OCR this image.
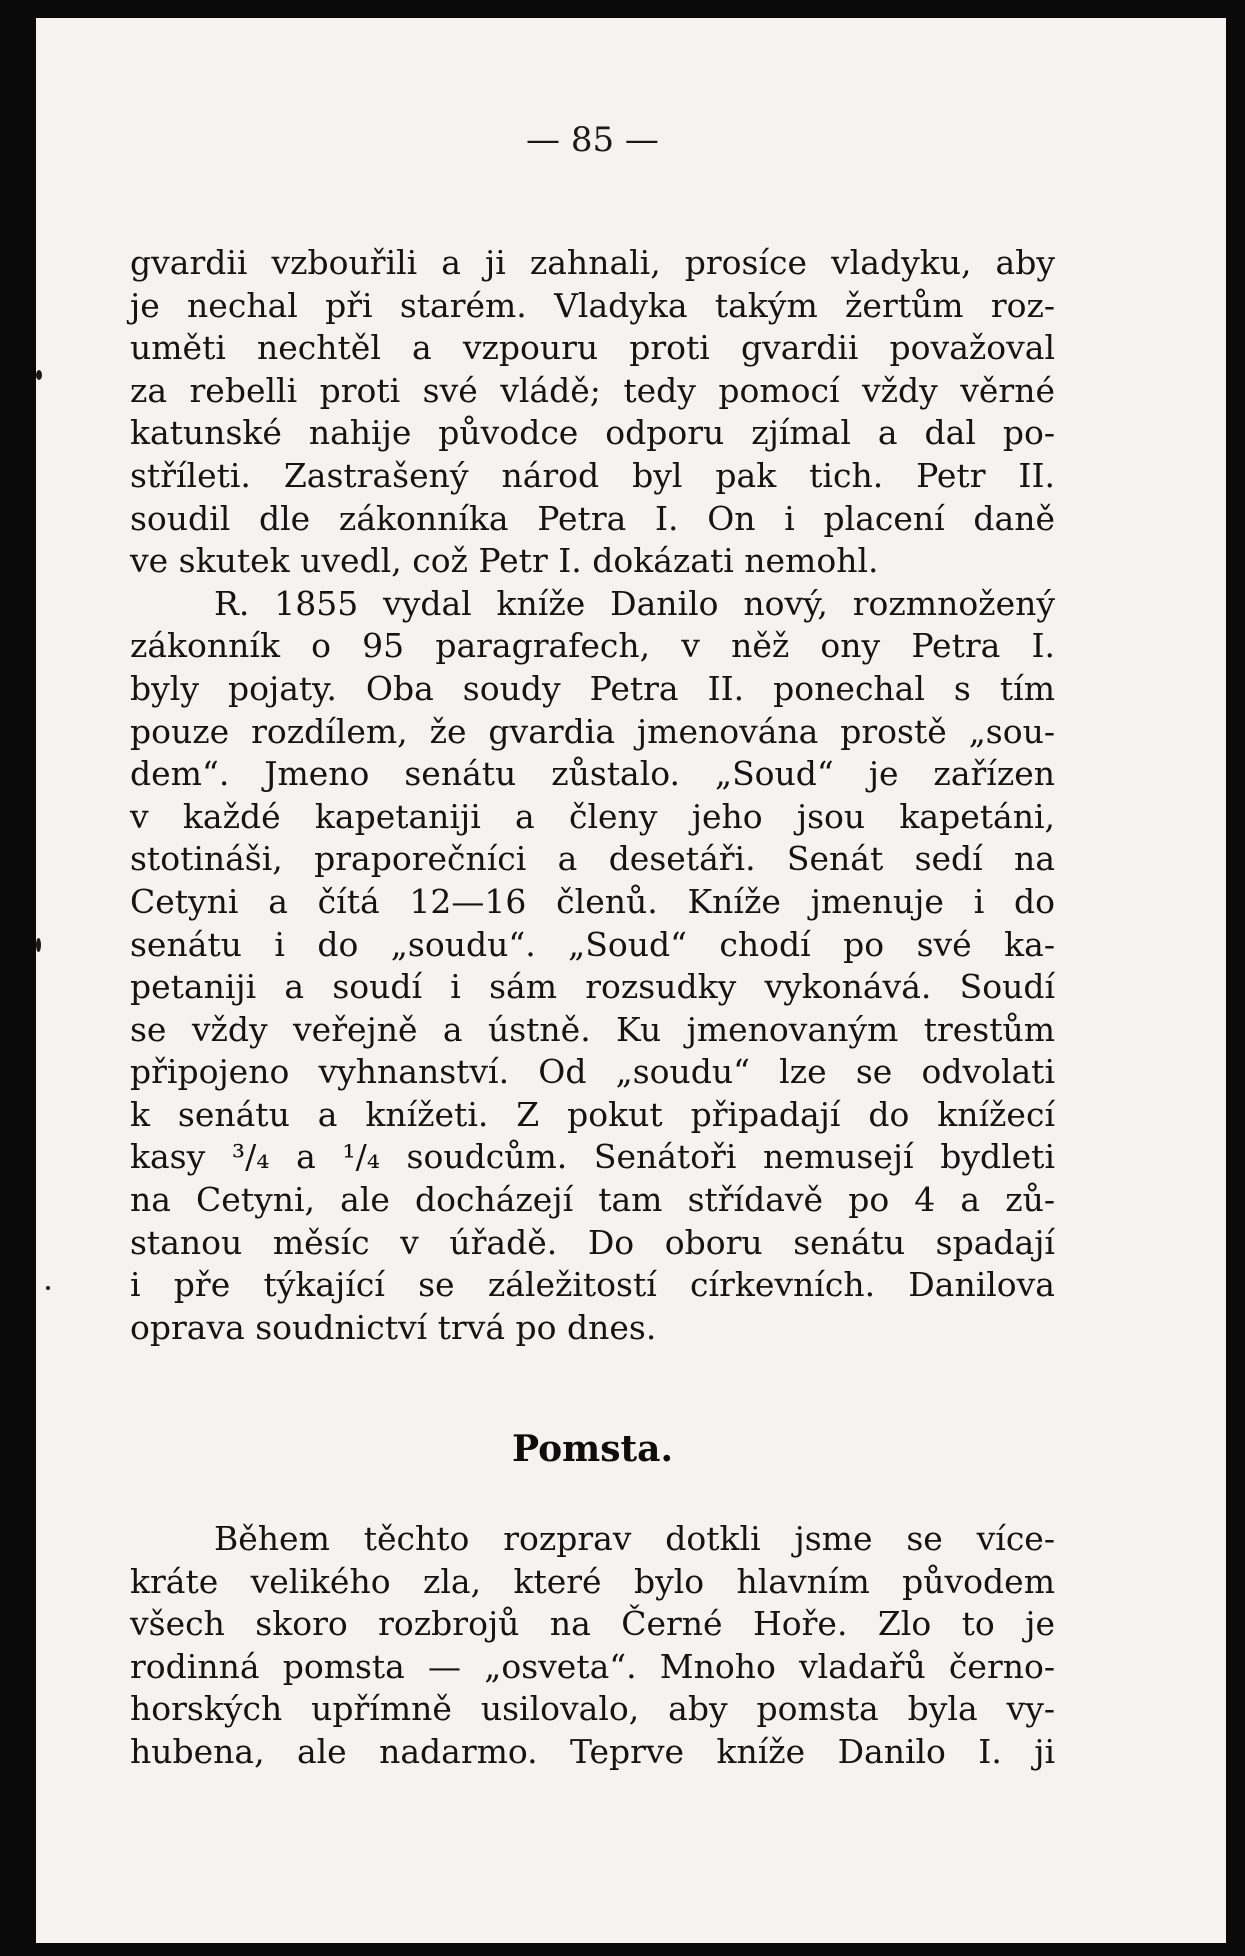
— 85 —
gvardii vzbouřili a ji zahnali, prosíce vladyku, aby
je nechal při starém. Vladyka takým žertům roz-
uměti nechtěl a vzpouru proti gvardii považoval
za rebelli proti své vládě; tedy pomocí vždy věrné
katunské nahije původce odporu zjímal a dal po-
stříleti. Zastrašený národ byl pak tich. Petr II.
soudil dle zákonníka Petra I. On i placení daně
ve skutek uvedl, což Petr I. dokázati nemohl.
R. 1855 vydal kníže Danilo nový, rozmnožený
zákonník o 95 paragrafech, v něž ony Petra I.
byly pojaty. Oba soudy Petra II. ponechal s tím
pouze rozdílem, že gvardia jmenována prostě „sou-
dem“. Jmeno senátu zůstalo. „Soud“ je zařízen
v každé kapetaniji a členy jeho jsou kapetáni,
stotináši, praporečníci a desetáři. Senát sedí na
Cetyni a čítá 12—16 členů. Kníže jmenuje i do
senátu i do „soudu“. „Soud“ chodí po své ka-
petaniji a soudí i sám rozsudky vykonává. Soudí
se vždy veřejně a ústně. Ku jmenovaným trestům
připojeno vyhnanství. Od „soudu“ lze se odvolati
k senátu a knížeti. Z pokut připadají do knížecí
kasy ³/₄ a ¹/₄ soudcům. Senátoři nemusejí bydleti
na Cetyni, ale docházejí tam střídavě po 4 a zů-
stanou měsíc v úřadě. Do oboru senátu spadají
i pře týkající se záležitostí církevních. Danilova
oprava soudnictví trvá po dnes.
Pomsta.
Během těchto rozprav dotkli jsme se více-
kráte velikého zla, které bylo hlavním původem
všech skoro rozbrojů na Černé Hoře. Zlo to je
rodinná pomsta — „osveta“. Mnoho vladařů černo-
horských upřímně usilovalo, aby pomsta byla vy-
hubena, ale nadarmo. Teprve kníže Danilo I. ji
